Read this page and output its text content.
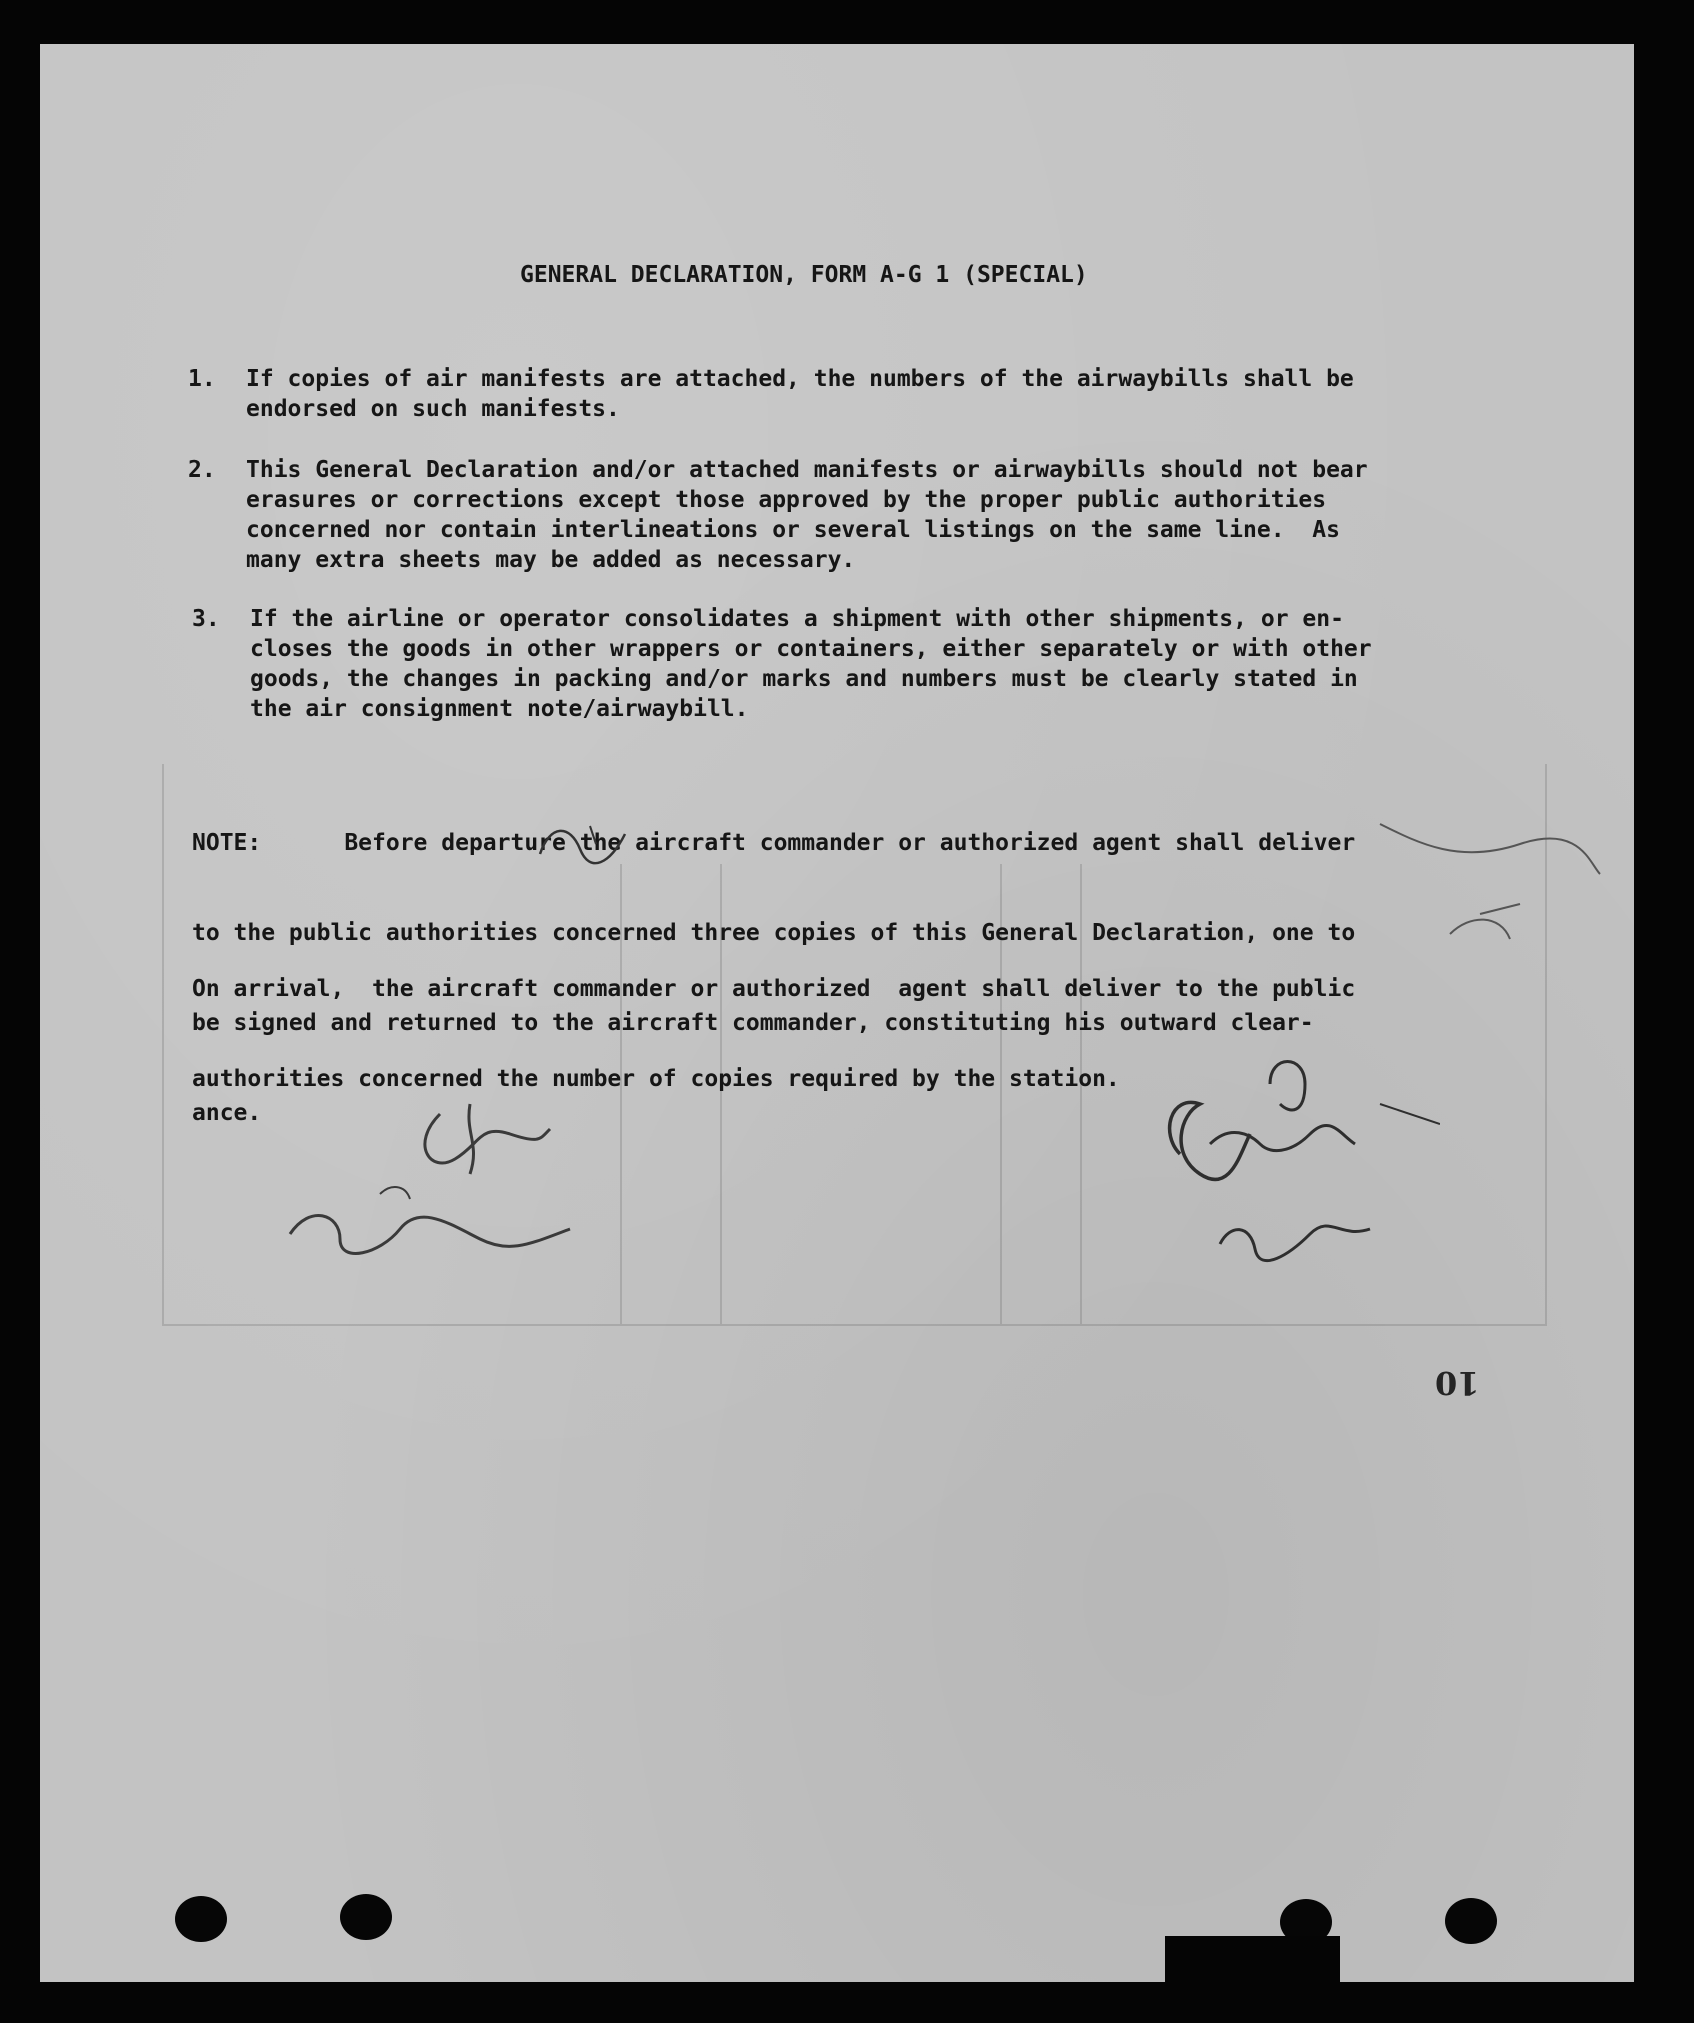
GENERAL DECLARATION, FORM A-G 1 (SPECIAL)
1.	If copies of air manifests are attached, the numbers of the airwaybills shall be
endorsed on such manifests.
2.	This General Declaration and/or attached manifests or airwaybills should not bear
erasures or corrections except those approved by the proper public authorities
concerned nor contain interlineations or several listings on the same line.  As
many extra sheets may be added as necessary.
3.	If the airline or operator consolidates a shipment with other shipments, or en-
closes the goods in other wrappers or containers, either separately or with other
goods, the changes in packing and/or marks and numbers must be clearly stated in
the air consignment note/airwaybill.

NOTE:      Before departure the aircraft commander or authorized agent shall deliver

to the public authorities concerned three copies of this General Declaration, one to

be signed and returned to the aircraft commander, constituting his outward clear-

ance.

On arrival,  the aircraft commander or authorized  agent shall deliver to the public

authorities concerned the number of copies required by the station.

10
